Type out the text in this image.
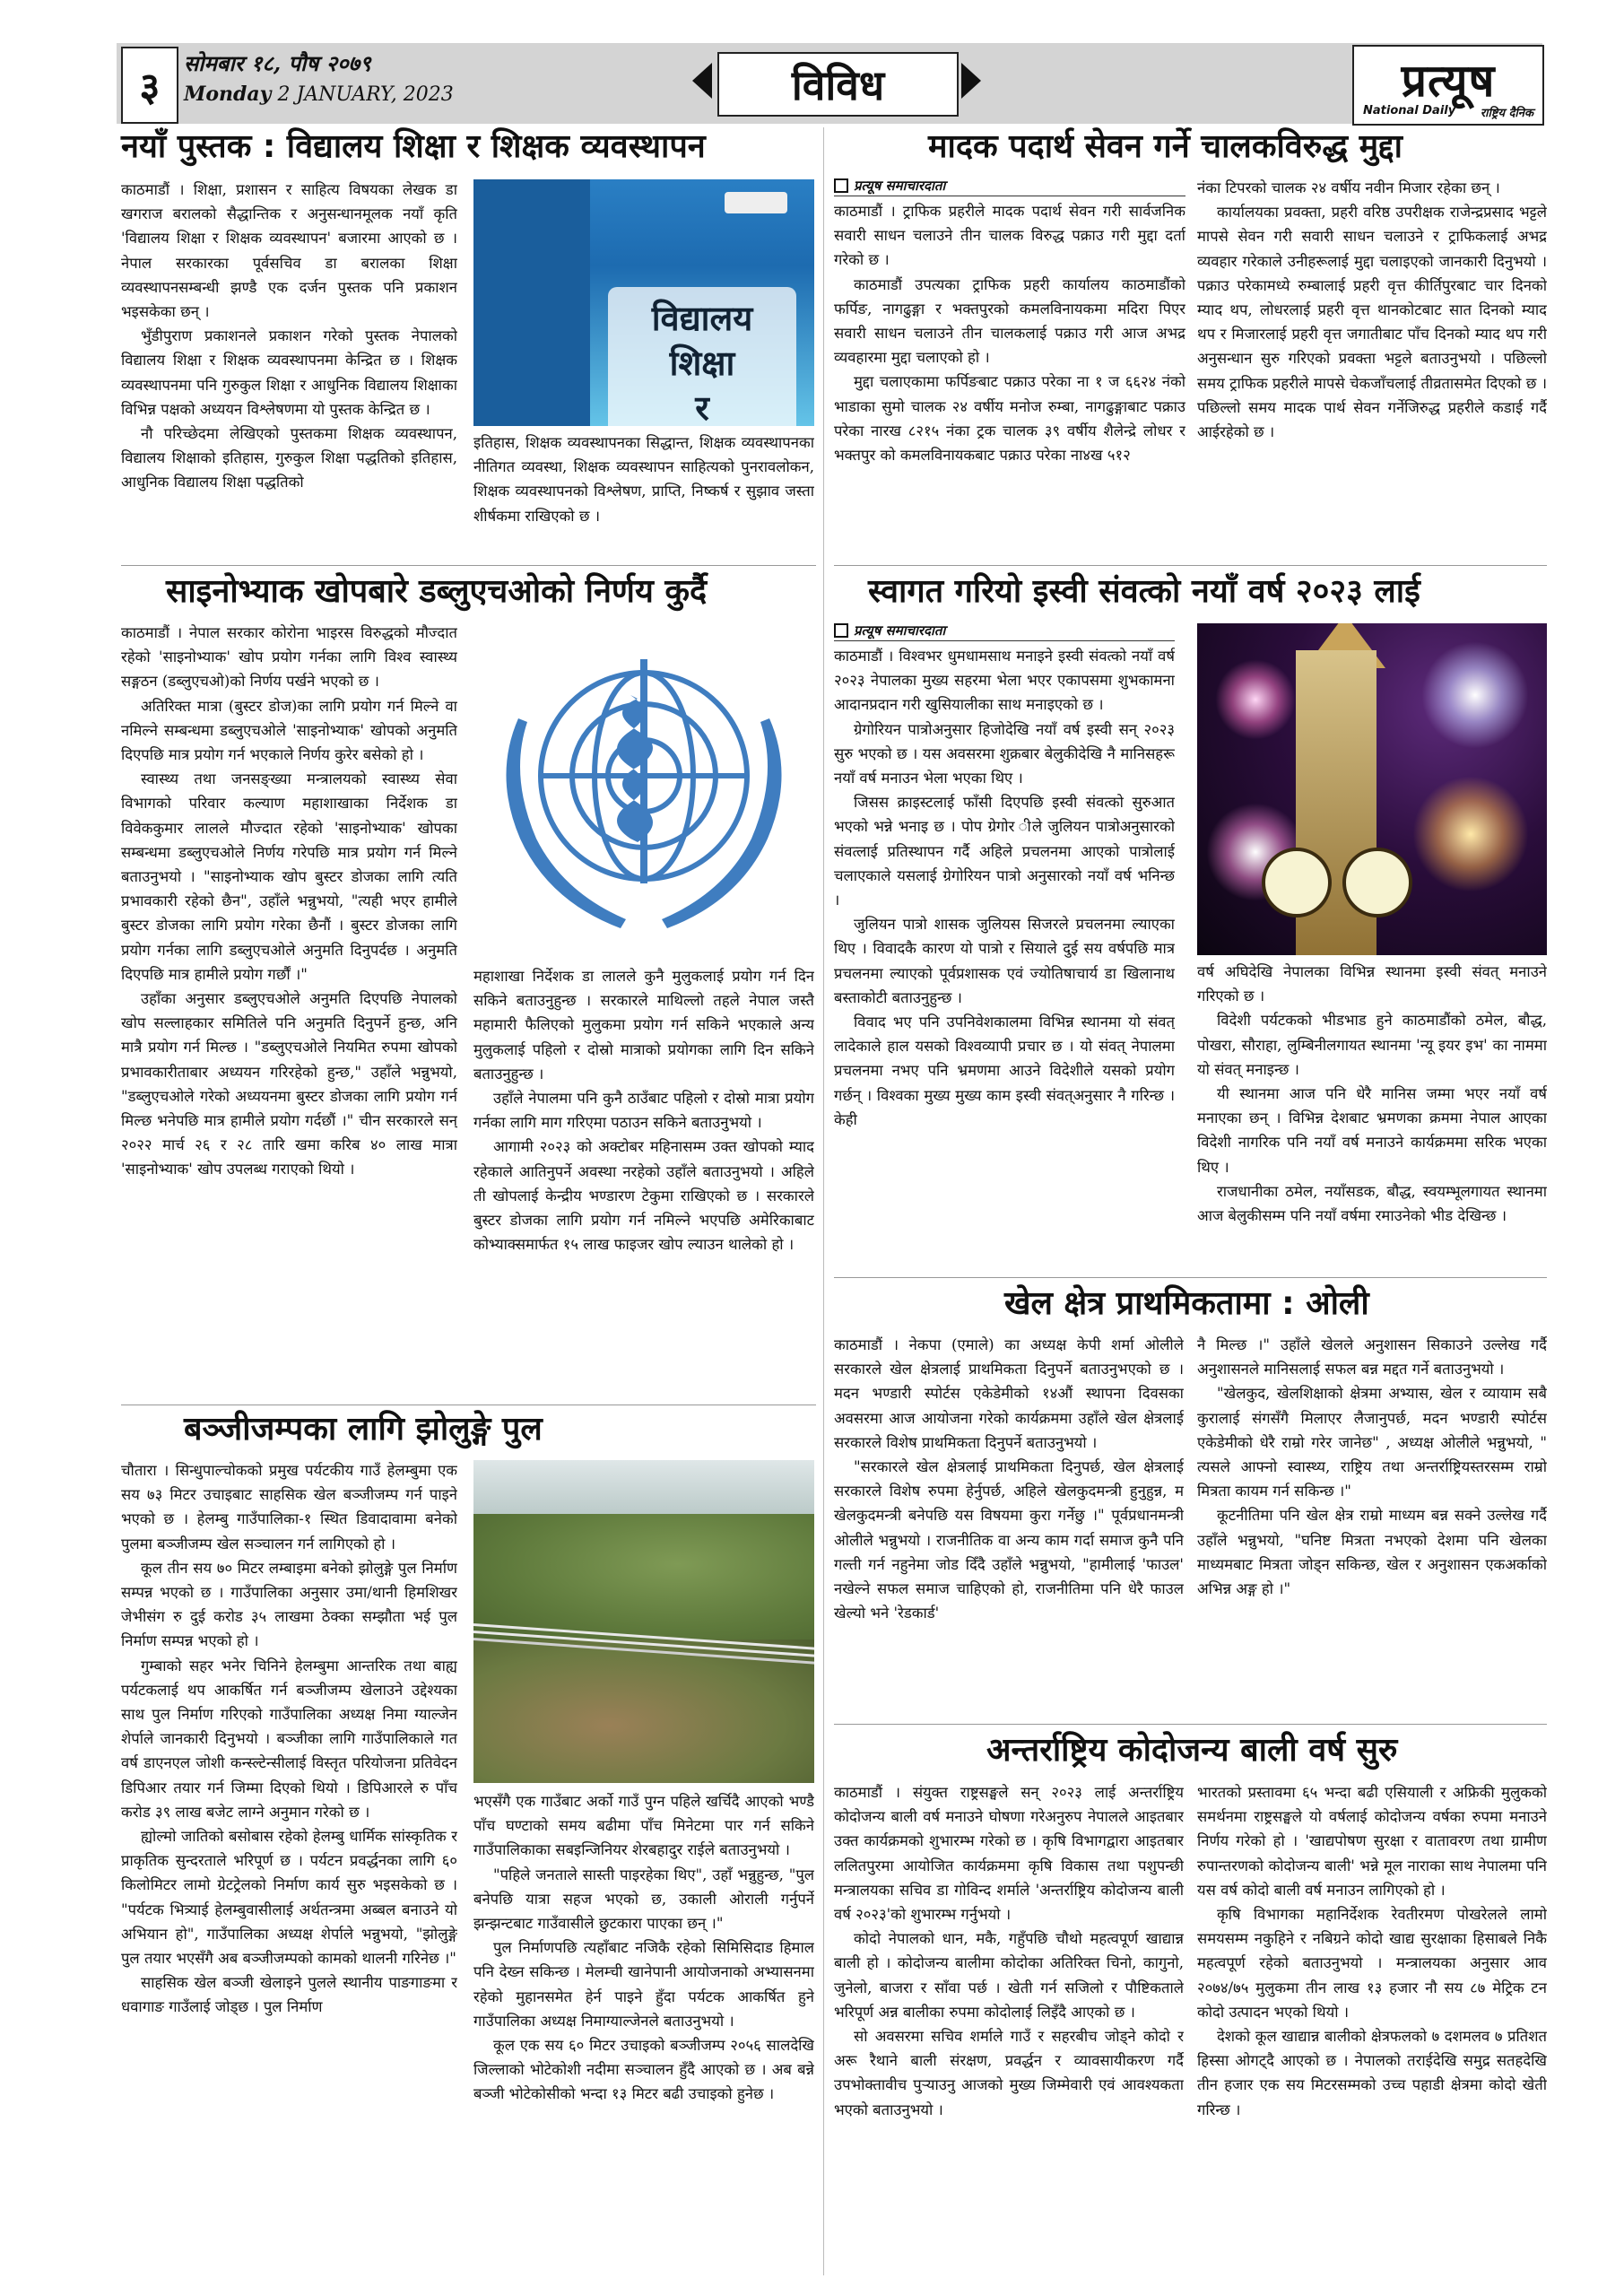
३
सोमबार १८, पौष २०७९
Monday 2 JANUARY, 2023	विविध	प्रत्यूष
National Daily राष्ट्रिय दैनिक
नयाँ पुस्तक : विद्यालय शिक्षा र शिक्षक व्यवस्थापन

काठमाडौं । शिक्षा, प्रशासन र साहित्य विषयका लेखक डा खगराज बरालको सैद्धान्तिक र अनुसन्धानमूलक नयाँ कृति 'विद्यालय शिक्षा र शिक्षक व्यवस्थापन' बजारमा आएको छ । नेपाल सरकारका पूर्वसचिव डा बरालका शिक्षा व्यवस्थापनसम्बन्धी झण्डै एक दर्जन पुस्तक पनि प्रकाशन भइसकेका छन् ।

भुँडीपुराण प्रकाशनले प्रकाशन गरेको पुस्तक नेपालको विद्यालय शिक्षा र शिक्षक व्यवस्थापनमा केन्द्रित छ । शिक्षक व्यवस्थापनमा पनि गुरुकुल शिक्षा र आधुनिक विद्यालय शिक्षाका विभिन्न पक्षको अध्ययन विश्लेषणमा यो पुस्तक केन्द्रित छ ।

नौ परिच्छेदमा लेखिएको पुस्तकमा शिक्षक व्यवस्थापन, विद्यालय शिक्षाको इतिहास, गुरुकुल शिक्षा पद्धतिको इतिहास, आधुनिक विद्यालय शिक्षा पद्धतिको

विद्यालय शिक्षा
र

इतिहास, शिक्षक व्यवस्थापनका सिद्धान्त, शिक्षक व्यवस्थापनका नीतिगत व्यवस्था, शिक्षक व्यवस्थापन साहित्यको पुनरावलोकन, शिक्षक व्यवस्थापनको विश्लेषण, प्राप्ति, निष्कर्ष र सुझाव जस्ता शीर्षकमा राखिएको छ ।

मादक पदार्थ सेवन गर्ने चालकविरुद्ध मुद्दा
प्रत्यूष समाचारदाता

काठमाडौं । ट्राफिक प्रहरीले मादक पदार्थ सेवन गरी सार्वजनिक सवारी साधन चलाउने तीन चालक विरुद्ध पक्राउ गरी मुद्दा दर्ता गरेको छ ।

काठमाडौं उपत्यका ट्राफिक प्रहरी कार्यालय काठमाडौंको फर्पिङ, नागढुङ्गा र भक्तपुरको कमलविनायकमा मदिरा पिएर सवारी साधन चलाउने तीन चालकलाई पक्राउ गरी आज अभद्र व्यवहारमा मुद्दा चलाएको हो ।

मुद्दा चलाएकामा फर्पिङबाट पक्राउ परेका ना १ ज ६६२४ नंको भाडाका सुमो चालक २४ वर्षीय मनोज रुम्बा, नागढुङ्गाबाट पक्राउ परेका नारख ८२१५ नंका ट्रक चालक ३९ वर्षीय शैलेन्द्रे लोधर र भक्तपुर को कमलविनायकबाट पक्राउ परेका ना४ख ५१२

नंका टिपरको चालक २४ वर्षीय नवीन मिजार रहेका छन् ।

कार्यालयका प्रवक्ता, प्रहरी वरिष्ठ उपरीक्षक राजेन्द्रप्रसाद भट्टले मापसे सेवन गरी सवारी साधन चलाउने र ट्राफिकलाई अभद्र व्यवहार गरेकाले उनीहरूलाई मुद्दा चलाइएको जानकारी दिनुभयो । पक्राउ परेकामध्ये रुम्बालाई प्रहरी वृत्त कीर्तिपुरबाट चार दिनको म्याद थप, लोधरलाई प्रहरी वृत्त थानकोटबाट सात दिनको म्याद थप र मिजारलाई प्रहरी वृत्त जगातीबाट पाँच दिनको म्याद थप गरी अनुसन्धान सुरु गरिएको प्रवक्ता भट्टले बताउनुभयो । पछिल्लो समय ट्राफिक प्रहरीले मापसे चेकजाँचलाई तीव्रतासमेत दिएको छ । पछिल्लो समय मादक पार्थ सेवन गर्नेजिरुद्ध प्रहरीले कडाई गर्दै आईरहेको छ ।

साइनोभ्याक खोपबारे डब्लुएचओको निर्णय कुर्दै

काठमाडौं । नेपाल सरकार कोरोना भाइरस विरुद्धको मौज्दात रहेको 'साइनोभ्याक' खोप प्रयोग गर्नका लागि विश्व स्वास्थ्य सङ्गठन (डब्लुएचओ)को निर्णय पर्खने भएको छ ।

अतिरिक्त मात्रा (बुस्टर डोज)का लागि प्रयोग गर्न मिल्ने वा नमिल्ने सम्बन्धमा डब्लुएचओले 'साइनोभ्याक' खोपको अनुमति दिएपछि मात्र प्रयोग गर्न भएकाले निर्णय कुरेर बसेको हो ।

स्वास्थ्य तथा जनसङ्ख्या मन्त्रालयको स्वास्थ्य सेवा विभागको परिवार कल्याण महाशाखाका निर्देशक डा विवेककुमार लालले मौज्दात रहेको 'साइनोभ्याक' खोपका सम्बन्धमा डब्लुएचओले निर्णय गरेपछि मात्र प्रयोग गर्न मिल्ने बताउनुभयो । "साइनोभ्याक खोप बुस्टर डोजका लागि त्यति प्रभावकारी रहेको छैन", उहाँले भन्नुभयो, "त्यही भएर हामीले बुस्टर डोजका लागि प्रयोग गरेका छैनौं । बुस्टर डोजका लागि प्रयोग गर्नका लागि डब्लुएचओले अनुमति दिनुपर्दछ । अनुमति दिएपछि मात्र हामीले प्रयोग गर्छौं ।"

उहाँका अनुसार डब्लुएचओले अनुमति दिएपछि नेपालको खोप सल्लाहकार समितिले पनि अनुमति दिनुपर्ने हुन्छ, अनि मात्रै प्रयोग गर्न मिल्छ । "डब्लुएचओले नियमित रुपमा खोपको प्रभावकारीताबार अध्ययन गरिरहेको हुन्छ," उहाँले भन्नुभयो, "डब्लुएचओले गरेको अध्ययनमा बुस्टर डोजका लागि प्रयोग गर्न मिल्छ भनेपछि मात्र हामीले प्रयोग गर्दछौं ।" चीन सरकारले सन् २०२२ मार्च २६ र २८ तारि खमा करिब ४० लाख मात्रा 'साइनोभ्याक' खोप उपलब्ध गराएको थियो ।

महाशाखा निर्देशक डा लालले कुनै मुलुकलाई प्रयोग गर्न दिन सकिने बताउनुहुन्छ । सरकारले माथिल्लो तहले नेपाल जस्तै महामारी फैलिएको मुलुकमा प्रयोग गर्न सकिने भएकाले अन्य मुलुकलाई पहिलो र दोस्रो मात्राको प्रयोगका लागि दिन सकिने बताउनुहुन्छ ।

उहाँले नेपालमा पनि कुनै ठाउँबाट पहिलो र दोस्रो मात्रा प्रयोग गर्नका लागि माग गरिएमा पठाउन सकिने बताउनुभयो ।

आगामी २०२३ को अक्टोबर महिनासम्म उक्त खोपको म्याद रहेकाले आतिनुपर्ने अवस्था नरहेको उहाँले बताउनुभयो । अहिले ती खोपलाई केन्द्रीय भण्डारण टेकुमा राखिएको छ । सरकारले बुस्टर डोजका लागि प्रयोग गर्न नमिल्ने भएपछि अमेरिकाबाट कोभ्याक्समार्फत १५ लाख फाइजर खोप ल्याउन थालेको हो ।

स्वागत गरियो इस्वी संवत्को नयाँ वर्ष २०२३ लाई
प्रत्यूष समाचारदाता

काठमाडौं । विश्वभर धुमधामसाथ मनाइने इस्वी संवत्को नयाँ वर्ष २०२३ नेपालका मुख्य सहरमा भेला भएर एकापसमा शुभकामना आदानप्रदान गरी खुसियालीका साथ मनाइएको छ ।

ग्रेगोरियन पात्रोअनुसार हिजोदेखि नयाँ वर्ष इस्वी सन् २०२३ सुरु भएको छ । यस अवसरमा शुक्रबार बेलुकीदेखि नै मानिसहरू नयाँ वर्ष मनाउन भेला भएका थिए ।

जिसस क्राइस्टलाई फाँसी दिएपछि इस्वी संवत्को सुरुआत भएको भन्ने भनाइ छ । पोप ग्रेगोर ीले जुलियन पात्रोअनुसारको संवत्लाई प्रतिस्थापन गर्दै अहिले प्रचलनमा आएको पात्रोलाई चलाएकाले यसलाई ग्रेगोरियन पात्रो अनुसारको नयाँ वर्ष भनिन्छ ।

जुलियन पात्रो शासक जुलियस सिजरले प्रचलनमा ल्याएका थिए । विवादकै कारण यो पात्रो र सियाले दुई सय वर्षपछि मात्र प्रचलनमा ल्याएको पूर्वप्रशासक एवं ज्योतिषाचार्य डा खिलानाथ बस्ताकोटी बताउनुहुन्छ ।

विवाद भए पनि उपनिवेशकालमा विभिन्न स्थानमा यो संवत् लादेकाले हाल यसको विश्वव्यापी प्रचार छ । यो संवत् नेपालमा प्रचलनमा नभए पनि भ्रमणमा आउने विदेशीले यसको प्रयोग गर्छन् । विश्वका मुख्य मुख्य काम इस्वी संवत्अनुसार नै गरिन्छ । केही

वर्ष अघिदेखि नेपालका विभिन्न स्थानमा इस्वी संवत् मनाउने गरिएको छ ।

विदेशी पर्यटकको भीडभाड हुने काठमाडौंको ठमेल, बौद्ध, पोखरा, सौराहा, लुम्बिनीलगायत स्थानमा 'न्यू इयर इभ' का नाममा यो संवत् मनाइन्छ ।

यी स्थानमा आज पनि धेरै मानिस जम्मा भएर नयाँ वर्ष मनाएका छन् । विभिन्न देशबाट भ्रमणका क्रममा नेपाल आएका विदेशी नागरिक पनि नयाँ वर्ष मनाउने कार्यक्रममा सरिक भएका थिए ।

राजधानीका ठमेल, नयाँसडक, बौद्ध, स्वयम्भूलगायत स्थानमा आज बेलुकीसम्म पनि नयाँ वर्षमा रमाउनेको भीड देखिन्छ ।

खेल क्षेत्र प्राथमिकतामा : ओली

काठमाडौं । नेकपा (एमाले) का अध्यक्ष केपी शर्मा ओलीले सरकारले खेल क्षेत्रलाई प्राथमिकता दिनुपर्ने बताउनुभएको छ । मदन भण्डारी स्पोर्टस एकेडेमीको १४औं स्थापना दिवसका अवसरमा आज आयोजना गरेको कार्यक्रममा उहाँले खेल क्षेत्रलाई सरकारले विशेष प्राथमिकता दिनुपर्ने बताउनुभयो ।

"सरकारले खेल क्षेत्रलाई प्राथमिकता दिनुपर्छ, खेल क्षेत्रलाई सरकारले विशेष रुपमा हेर्नुपर्छ, अहिले खेलकुदमन्त्री हुनुहुन्न, म खेलकुदमन्त्री बनेपछि यस विषयमा कुरा गर्नेछु ।" पूर्वप्रधानमन्त्री ओलीले भन्नुभयो । राजनीतिक वा अन्य काम गर्दा समाज कुनै पनि गल्ती गर्न नहुनेमा जोड दिँदै उहाँले भन्नुभयो, "हामीलाई 'फाउल' नखेल्ने सफल समाज चाहिएको हो, राजनीतिमा पनि धेरै फाउल खेल्यो भने 'रेडकार्ड'

नै मिल्छ ।" उहाँले खेलले अनुशासन सिकाउने उल्लेख गर्दै अनुशासनले मानिसलाई सफल बन्न मद्दत गर्ने बताउनुभयो ।

"खेलकुद, खेलशिक्षाको क्षेत्रमा अभ्यास, खेल र व्यायाम सबै कुरालाई संगसँगै मिलाएर लैजानुपर्छ, मदन भण्डारी स्पोर्टस एकेडेमीको धेरै राम्रो गरेर जानेछ" , अध्यक्ष ओलीले भन्नुभयो, " त्यसले आफ्नो स्वास्थ्य, राष्ट्रिय तथा अन्तर्राष्ट्रियस्तरसम्म राम्रो मित्रता कायम गर्न सकिन्छ ।"

कूटनीतिमा पनि खेल क्षेत्र राम्रो माध्यम बन्न सक्ने उल्लेख गर्दै उहाँले भन्नुभयो, "घनिष्ट मित्रता नभएको देशमा पनि खेलका माध्यमबाट मित्रता जोड्न सकिन्छ, खेल र अनुशासन एकअर्काको अभिन्न अङ्ग हो ।"

बञ्जीजम्पका लागि झोलुङ्गे पुल

चौतारा । सिन्धुपाल्चोकको प्रमुख पर्यटकीय गाउँ हेलम्बुमा एक सय ७३ मिटर उचाइबाट साहसिक खेल बञ्जीजम्प गर्न पाइने भएको छ । हेलम्बु गाउँपालिका-१ स्थित डिवादावामा बनेको पुलमा बञ्जीजम्प खेल सञ्चालन गर्न लागिएको हो ।

कूल तीन सय ७० मिटर लम्बाइमा बनेको झोलुङ्गे पुल निर्माण सम्पन्न भएको छ । गाउँपालिका अनुसार उमा/थानी हिमशिखर जेभीसंग रु दुई करोड ३५ लाखमा ठेक्का सम्झौता भई पुल निर्माण सम्पन्न भएको हो ।

गुम्बाको सहर भनेर चिनिने हेलम्बुमा आन्तरिक तथा बाह्य पर्यटकलाई थप आकर्षित गर्न बञ्जीजम्प खेलाउने उद्देश्यका साथ पुल निर्माण गरिएको गाउँपालिका अध्यक्ष निमा ग्याल्जेन शेर्पाले जानकारी दिनुभयो । बञ्जीका लागि गाउँपालिकाले गत वर्ष डाएनएल जोशी कन्स्ल्टेन्सीलाई विस्तृत परियोजना प्रतिवेदन डिपिआर तयार गर्न जिम्मा दिएको थियो । डिपिआरले रु पाँच करोड ३९ लाख बजेट लाग्ने अनुमान गरेको छ ।

ह्योल्मो जातिको बसोबास रहेको हेलम्बु धार्मिक सांस्कृतिक र प्राकृतिक सुन्दरताले भरिपूर्ण छ । पर्यटन प्रवर्द्धनका लागि ६० किलोमिटर लामो ग्रेटट्रेलको निर्माण कार्य सुरु भइसकेको छ । "पर्यटक भित्र्याई हेलम्बुवासीलाई अर्थतन्त्रमा अब्बल बनाउने यो अभियान हो", गाउँपालिका अध्यक्ष शेर्पाले भन्नुभयो, "झोलुङ्गे पुल तयार भएसँगै अब बञ्जीजम्पको कामको थालनी गरिनेछ ।"

साहसिक खेल बञ्जी खेलाइने पुलले स्थानीय पाङगाङमा र धवागाङ गाउँलाई जोड्छ । पुल निर्माण

भएसँगै एक गाउँबाट अर्को गाउँ पुग्न पहिले खर्चिदै आएको भण्डै पाँच घण्टाको समय बढीमा पाँच मिनेटमा पार गर्न सकिने गाउँपालिकाका सबइन्जिनियर शेरबहादुर राईले बताउनुभयो ।

"पहिले जनताले सास्ती पाइरहेका थिए", उहाँ भन्नुहुन्छ, "पुल बनेपछि यात्रा सहज भएको छ, उकाली ओराली गर्नुपर्ने झन्झन्टबाट गाउँवासीले छुटकारा पाएका छन् ।"

पुल निर्माणपछि त्यहाँबाट नजिकै रहेको सिमिसिदाड हिमाल पनि देख्न सकिन्छ । मेलम्ची खानेपानी आयोजनाको अभ्यासनमा रहेको मुहानसमेत हेर्न पाइने हुँदा पर्यटक आकर्षित हुने गाउँपालिका अध्यक्ष निमाग्याल्जेनले बताउनुभयो ।

कूल एक सय ६० मिटर उचाइको बञ्जीजम्प २०५६ सालदेखि जिल्लाको भोटेकोशी नदीमा सञ्चालन हुँदै आएको छ । अब बन्ने बञ्जी भोटेकोसीको भन्दा १३ मिटर बढी उचाइको हुनेछ ।

अन्तर्राष्ट्रिय कोदोजन्य बाली वर्ष सुरु

काठमाडौं । संयुक्त राष्ट्रसङ्घले सन् २०२३ लाई अन्तर्राष्ट्रिय कोदोजन्य बाली वर्ष मनाउने घोषणा गरेअनुरुप नेपालले आइतबार उक्त कार्यक्रमको शुभारम्भ गरेको छ । कृषि विभागद्वारा आइतबार ललितपुरमा आयोजित कार्यक्रममा कृषि विकास तथा पशुपन्छी मन्त्रालयका सचिव डा गोविन्द शर्माले 'अन्तर्राष्ट्रिय कोदोजन्य बाली वर्ष २०२३'को शुभारम्भ गर्नुभयो ।

कोदो नेपालको धान, मकै, गहुँपछि चौथो महत्वपूर्ण खाद्यान्न बाली हो । कोदोजन्य बालीमा कोदोका अतिरिक्त चिनो, कागुनो, जुनेलो, बाजरा र साँवा पर्छ । खेती गर्न सजिलो र पौष्टिकताले भरिपूर्ण अन्न बालीका रुपमा कोदोलाई लिइँदै आएको छ ।

सो अवसरमा सचिव शर्माले गाउँ र सहरबीच जोड्ने कोदो र अरू रैथाने बाली संरक्षण, प्रवर्द्धन र व्यावसायीकरण गर्दै उपभोक्तावीच पुऱ्याउनु आजको मुख्य जिम्मेवारी एवं आवश्यकता भएको बताउनुभयो ।

भारतको प्रस्तावमा ६५ भन्दा बढी एसियाली र अफ्रिकी मुलुकको समर्थनमा राष्ट्रसङ्घले यो वर्षलाई कोदोजन्य वर्षका रुपमा मनाउने निर्णय गरेको हो । 'खाद्यपोषण सुरक्षा र वातावरण तथा ग्रामीण रुपान्तरणको कोदोजन्य बाली' भन्ने मूल नाराका साथ नेपालमा पनि यस वर्ष कोदो बाली वर्ष मनाउन लागिएको हो ।

कृषि विभागका महानिर्देशक रेवतीरमण पोखरेलले लामो समयसम्म नकुहिने र नबिग्रने कोदो खाद्य सुरक्षाका हिसाबले निकै महत्वपूर्ण रहेको बताउनुभयो । मन्त्रालयका अनुसार आव २०७४/७५ मुलुकमा तीन लाख १३ हजार नौ सय ८७ मेट्रिक टन कोदो उत्पादन भएको थियो ।

देशको कूल खाद्यान्न बालीको क्षेत्रफलको ७ दशमलव ७ प्रतिशत हिस्सा ओगट्दै आएको छ । नेपालको तराईदेखि समुद्र सतहदेखि तीन हजार एक सय मिटरसम्मको उच्च पहाडी क्षेत्रमा कोदो खेती गरिन्छ ।
